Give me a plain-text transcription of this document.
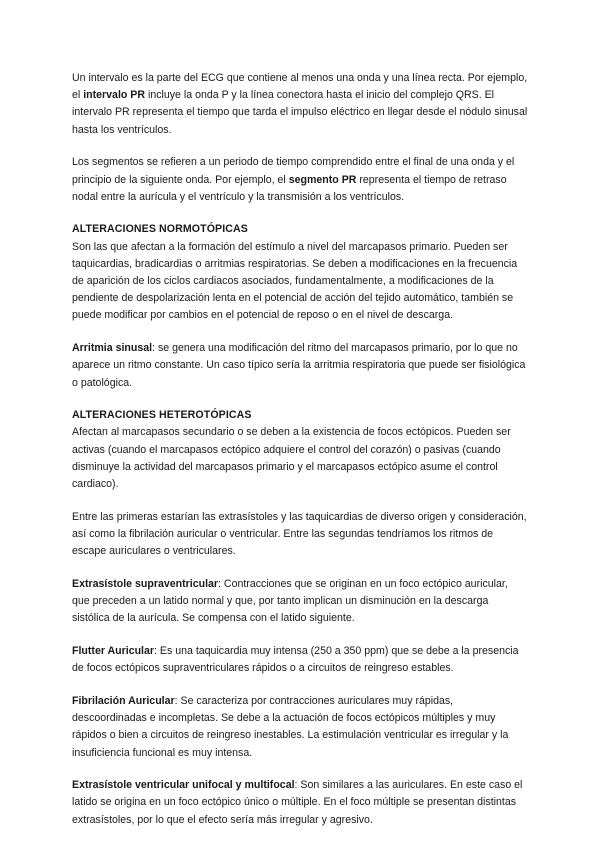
Un intervalo es la parte del ECG que contiene al menos una onda y una línea recta. Por ejemplo, el intervalo PR incluye la onda P y la línea conectora hasta el inicio del complejo QRS. El intervalo PR representa el tiempo que tarda el impulso eléctrico en llegar desde el nódulo sinusal hasta los ventrículos.

Los segmentos se refieren a un periodo de tiempo comprendido entre el final de una onda y el principio de la siguiente onda. Por ejemplo, el segmento PR representa el tiempo de retraso nodal entre la aurícula y el ventrículo y la transmisión a los ventrículos.

ALTERACIONES NORMOTÓPICAS

Son las que afectan a la formación del estímulo a nivel del marcapasos primario. Pueden ser taquicardias, bradicardias o arritmias respiratorias. Se deben a modificaciones en la frecuencia de aparición de los ciclos cardiacos asociados, fundamentalmente, a modificaciones de la pendiente de despolarización lenta en el potencial de acción del tejido automático, también se puede modificar por cambios en el potencial de reposo o en el nivel de descarga.

Arritmia sinusal: se genera una modificación del ritmo del marcapasos primario, por lo que no aparece un ritmo constante. Un caso típico sería la arritmia respiratoria que puede ser fisiológica o patológica.

ALTERACIONES HETEROTÓPICAS

Afectan al marcapasos secundario o se deben a la existencia de focos ectópicos. Pueden ser activas (cuando el marcapasos ectópico adquiere el control del corazón) o pasivas (cuando disminuye la actividad del marcapasos primario y el marcapasos ectópico asume el control cardiaco).

Entre las primeras estarían las extrasístoles y las taquicardias de diverso origen y consideración, así como la fibrilación auricular o ventricular. Entre las segundas tendríamos los ritmos de escape auriculares o ventriculares.

Extrasístole supraventricular: Contracciones que se originan en un foco ectópico auricular, que preceden a un latido normal y que, por tanto implican un disminución en la descarga sistólica de la aurícula. Se compensa con el latido siguiente.

Flutter Auricular: Es una taquicardia muy intensa (250 a 350 ppm) que se debe a la presencia de focos ectópicos supraventriculares rápidos o a circuitos de reingreso estables.

Fibrilación Auricular: Se caracteriza por contracciones auriculares muy rápidas, descoordinadas e incompletas. Se debe a la actuación de focos ectópicos múltiples y muy rápidos o bien a circuitos de reingreso inestables. La estimulación ventricular es irregular y la insuficiencia funcional es muy intensa.

Extrasístole ventricular unifocal y multifocal: Son similares a las auriculares. En este caso el latido se origina en un foco ectópico único o múltiple. En el foco múltiple se presentan distintas extrasístoles, por lo que el efecto sería más irregular y agresivo.
